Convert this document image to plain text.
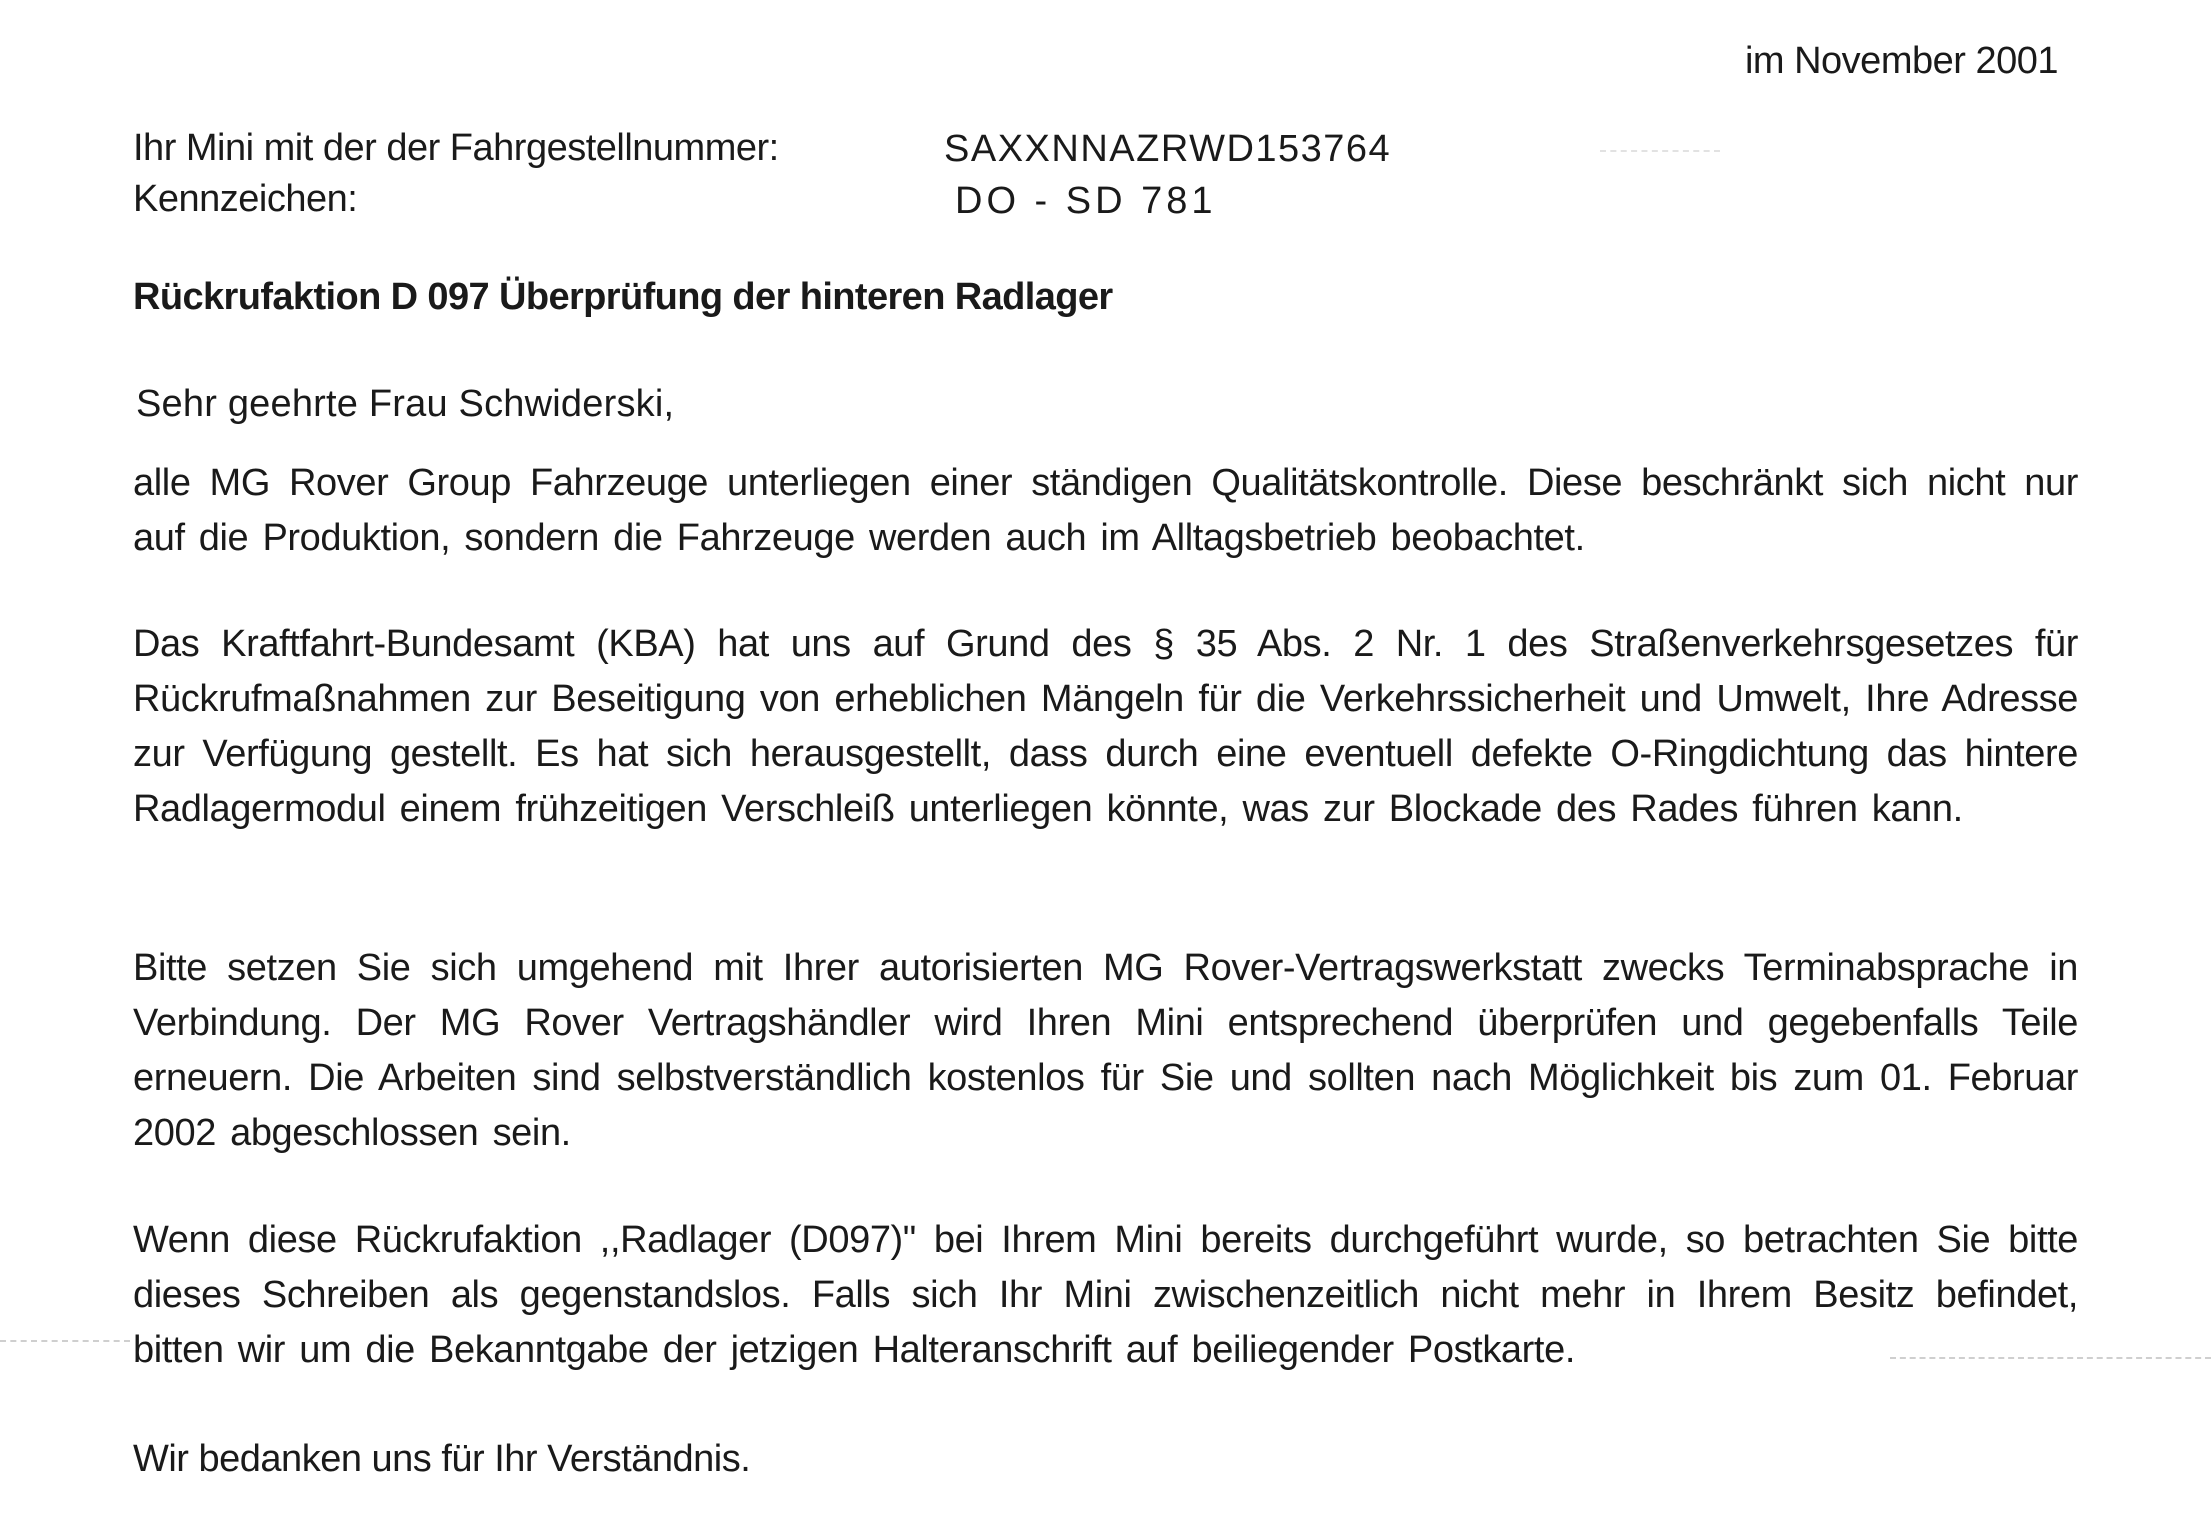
im November 2001
Ihr Mini mit der der Fahrgestellnummer:	SAXXNNAZRWD153764
Kennzeichen:	DO - SD 781
Rückrufaktion D 097 Überprüfung der hinteren Radlager
Sehr geehrte Frau Schwiderski,
alle MG Rover Group Fahrzeuge unterliegen einer ständigen Qualitätskontrolle. Diese beschränkt sich nicht nur auf die Produktion, sondern die Fahrzeuge werden auch im Alltagsbetrieb beobachtet.
Das Kraftfahrt-Bundesamt (KBA) hat uns auf Grund des § 35 Abs. 2 Nr. 1 des Straßenverkehrsgesetzes für Rückrufmaßnahmen zur Beseitigung von erheblichen Mängeln für die Verkehrssicherheit und Umwelt, Ihre Adresse zur Verfügung gestellt. Es hat sich herausgestellt, dass durch eine eventuell defekte O-Ringdichtung das hintere Radlagermodul einem frühzeitigen Verschleiß unterliegen könnte, was zur Blockade des Rades führen kann.
Bitte setzen Sie sich umgehend mit Ihrer autorisierten MG Rover-Vertragswerkstatt zwecks Terminabsprache in Verbindung. Der MG Rover Vertragshändler wird Ihren Mini entsprechend überprüfen und gegebenfalls Teile erneuern. Die Arbeiten sind selbstverständlich kostenlos für Sie und sollten nach Möglichkeit bis zum 01. Februar 2002 abgeschlossen sein.
Wenn diese Rückrufaktion ,,Radlager (D097)" bei Ihrem Mini bereits durchgeführt wurde, so betrachten Sie bitte dieses Schreiben als gegenstandslos. Falls sich Ihr Mini zwischenzeitlich nicht mehr in Ihrem Besitz befindet, bitten wir um die Bekanntgabe der jetzigen Halteranschrift auf beiliegender Postkarte.
Wir bedanken uns für Ihr Verständnis.
